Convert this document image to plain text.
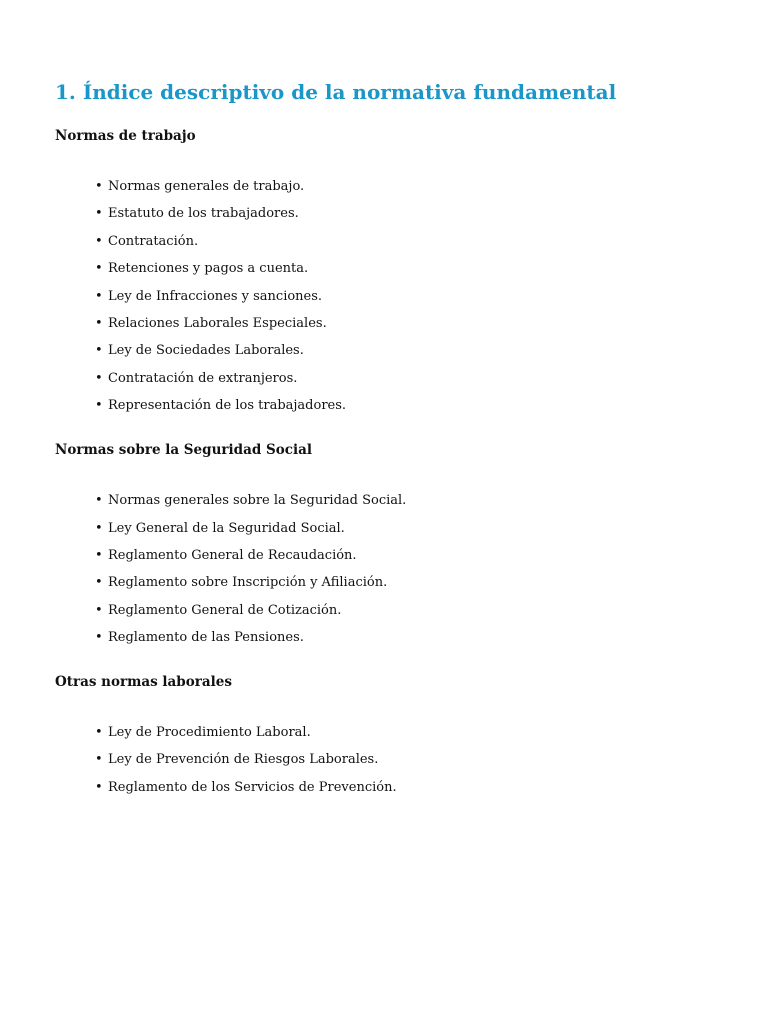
1. Índice descriptivo de la normativa fundamental
Normas de trabajo
• Normas generales de trabajo.
• Estatuto de los trabajadores.
• Contratación.
• Retenciones y pagos a cuenta.
• Ley de Infracciones y sanciones.
• Relaciones Laborales Especiales.
• Ley de Sociedades Laborales.
• Contratación de extranjeros.
• Representación de los trabajadores.
Normas sobre la Seguridad Social
• Normas generales sobre la Seguridad Social.
• Ley General de la Seguridad Social.
• Reglamento General de Recaudación.
• Reglamento sobre Inscripción y Afiliación.
• Reglamento General de Cotización.
• Reglamento de las Pensiones.
Otras normas laborales
• Ley de Procedimiento Laboral.
• Ley de Prevención de Riesgos Laborales.
• Reglamento de los Servicios de Prevención.
